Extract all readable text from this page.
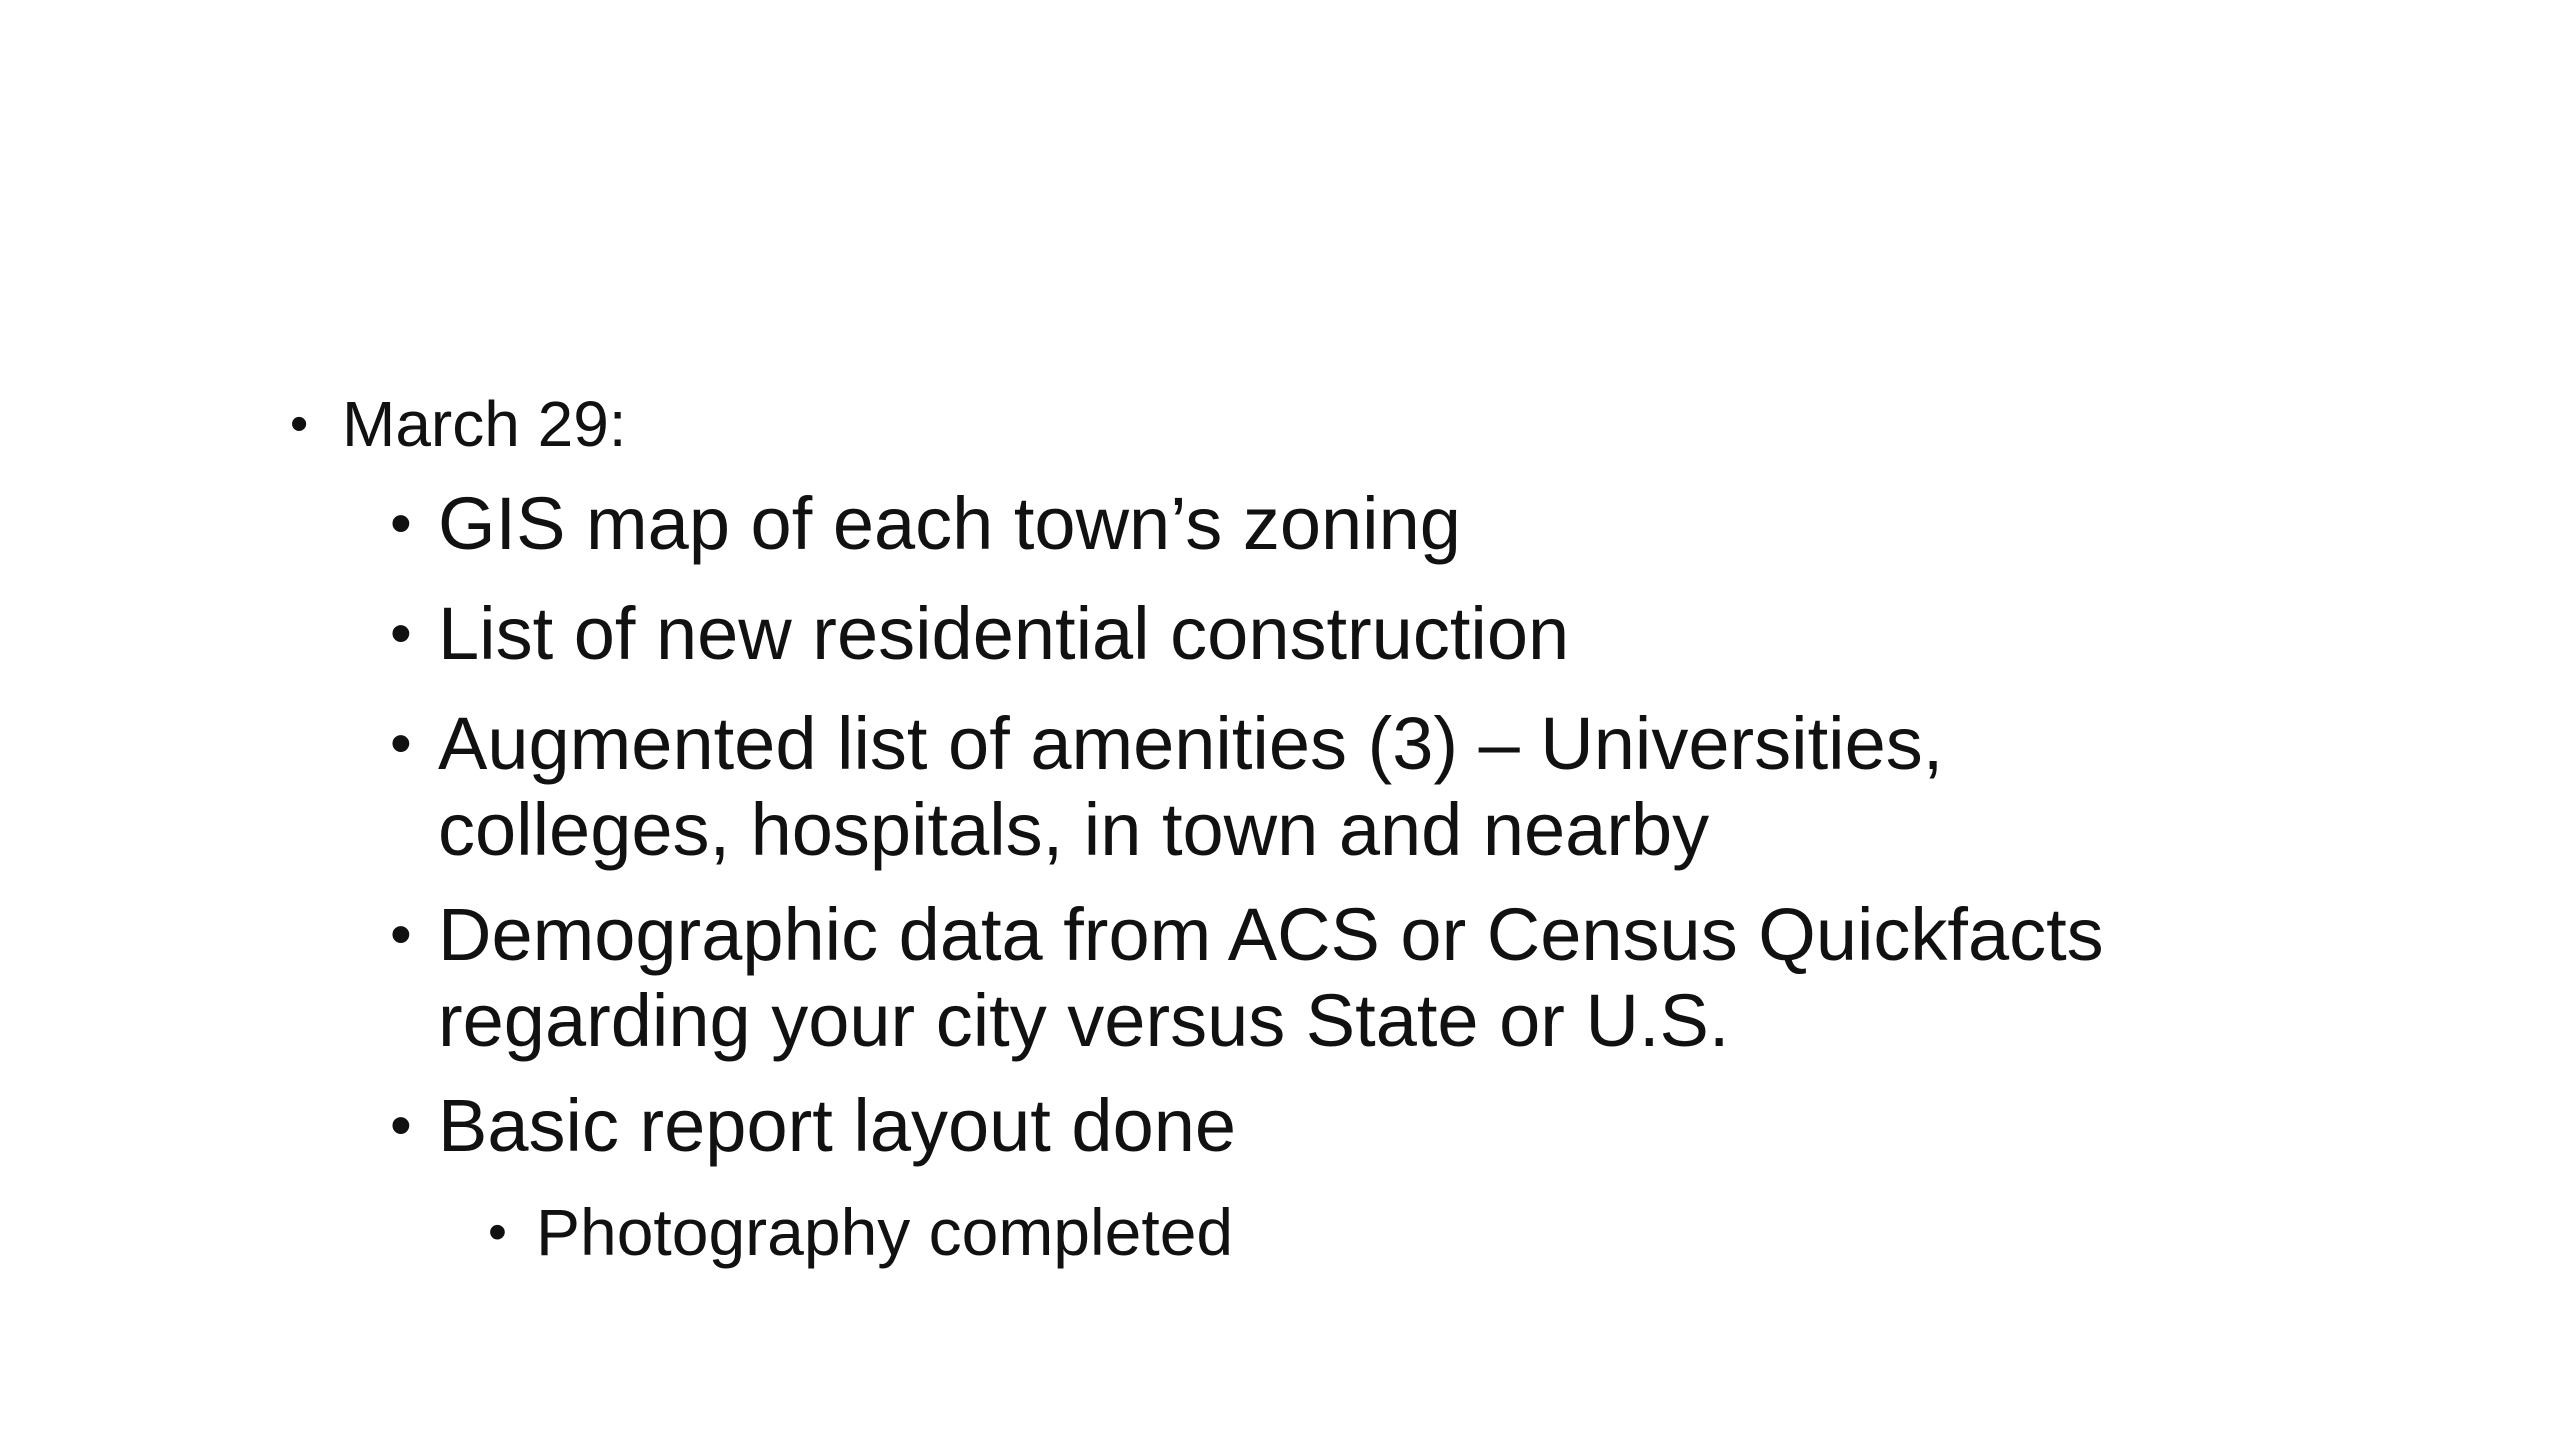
• March 29:
• GIS map of each town’s zoning
• List of new residential construction
• Augmented list of amenities (3) – Universities,
colleges, hospitals, in town and nearby
• Demographic data from ACS or Census Quickfacts
regarding your city versus State or U.S.
• Basic report layout done
• Photography completed
